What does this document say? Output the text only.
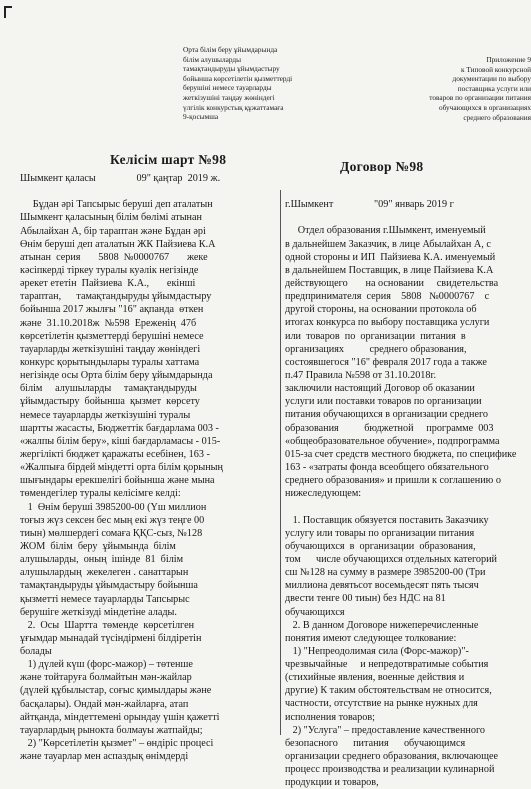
Орта білім беру ұйымдарында
білім алушыларды
тамақтандыруды ұйымдастыру
бойынша көрсетілетін қызметтерді
берушіні немесе тауарларды
жеткізушіні таңдау жөніндегі
үлгілік конкурстық құжаттамаға
9-қосымша
Приложение 9
к Типовой конкурсной
документации по выбору
поставщика услуги или
товаров по организации питания
обучающихся в организациях
среднего образования
Келісім шарт №98	Договор №98
Шымкент қаласы                09" қаңтар  2019 ж.
Бұдан әрі Тапсырыс беруші деп аталатын
Шымкент қаласының білім бөлімі атынан
Абылайхан А, бір тараптан және Бұдан әрі
Өнім беруші деп аталатын ЖК Пайзиева К.А
атынан  серия       5808  №0000767       жеке
кәсіпкерді тіркеу туралы куәлік негізінде
әрекет ететін  Пайзиева  К.А.,       екінші
тараптан,      тамақтандыруды ұйымдастыру
бойынша 2017 жылғы "16" ақпанда  өткен
және  31.10.2018ж  №598  Ереженің  47б
көрсетілетін қызметтерді берушіні немесе
тауарларды жеткізушіні таңдау жөніндегі
конкурс қорытындылары туралы хаттама
негізінде осы Орта білім беру ұйымдарында
білім     алушыларды     тамақтандыруды
ұйымдастыру  бойынша  қызмет  көрсету
немесе тауарларды жеткізушіні туралы
шартты жасасты, Бюджеттік бағдарлама 003 -
«жалпы білім беру», кіші бағдарламасы - 015-
жергілікті бюджет қаражаты есебінен, 163 -
«Жалпыға бірдей міндетті орта білім қорының
шығындары ерекшелігі бойынша және мына
төмендегілер туралы келісімге келді:
1  Өнім беруші 3985200-00 (Үш миллион
тоғыз жүз сексен бес мың екі жүз теңге 00
тиын) мөлшердегі сомаға ҚҚС-сыз, №128
ЖОМ  білім  беру  ұйымында  білім
алушыларды,  оның  ішінде  81  білім
алушылардың  жекелеген . санаттарын
тамақтандыруды ұйымдастыру бойынша
қызметті немесе тауарларды Тапсырыс
берушіге жеткізуді міндетіне алады.
2.  Осы  Шартта  төменде  көрсетілген
ұғымдар мынадай түсіндірмені білдіретін
болады
1) дүлей күш (форс-мажор) – төтенше
және тойтаруға болмайтын мән-жайлар
(дүлей құбылыстар, соғыс қимылдары және
басқалары). Ондай мән-жайларға, атап
айтқанда, міндеттемені орындау үшін қажетті
тауарлардың рыноктa болмауы жатпайды;
2) "Көрсетілетін қызмет" – өндіріс процесі
және тауарлар мен аспаздық өнімдерді
г.Шымкент                "09" январь 2019 г
Отдел образования г.Шымкент, именуемый
в дальнейшем Заказчик, в лице Абылайхан А, с
одной стороны и ИП  Пайзиева К.А. именуемый
в дальнейшем Поставщик, в лице Пайзиева К.А
действующего       на основании     свидетельства
предпринимателя  серия    5808   №0000767    с
другой стороны, на основании протокола об
итогах конкурса по выбору поставщика услуги
или  товаров  по  организации  питания  в
организациях          среднего образования,
состоявшегося "16" февраля 2017 года а также
п.47 Правила №598 от 31.10.2018г.
заключили настоящий Договор об оказании
услуги или поставки товаров по организации
питания обучающихся в организации среднего
образования          бюджетной     программе  003
«общеобразовательное обучение», подпрограмма
015-за счет средств местного бюджета, по специфике
163 - «затраты фонда всеобщего обязательного
среднего образования» и пришли к соглашению о
нижеследующем:
1. Поставщик обязуется поставить Заказчику
услугу или товары по организации питания
обучающихся  в  организации  образования,
том      числе обучающихся отдельных категорий
сш №128 на сумму в размере 3985200-00 (Три
миллиона девятьсот восемьдесят пять тысяч
двести тенге 00 тиын) без НДС на 81
обучающихся
2. В данном Договоре нижеперечисленные
понятия имеют следующее толкование:
1) "Непреодолимая сила (Форс-мажор)"-
чрезвычайные     и непредотвратимые события
(стихийные явления, военные действия и
другие) К таким обстоятельствам не относится,
частности, отсутствие на рынке нужных для
исполнения товаров;
2) "Услуга" – предоставление качественного
безопасного      питания      обучающимся
организации среднего образования, включающее
процесс производства и реализации кулинарной
продукции и товаров,
